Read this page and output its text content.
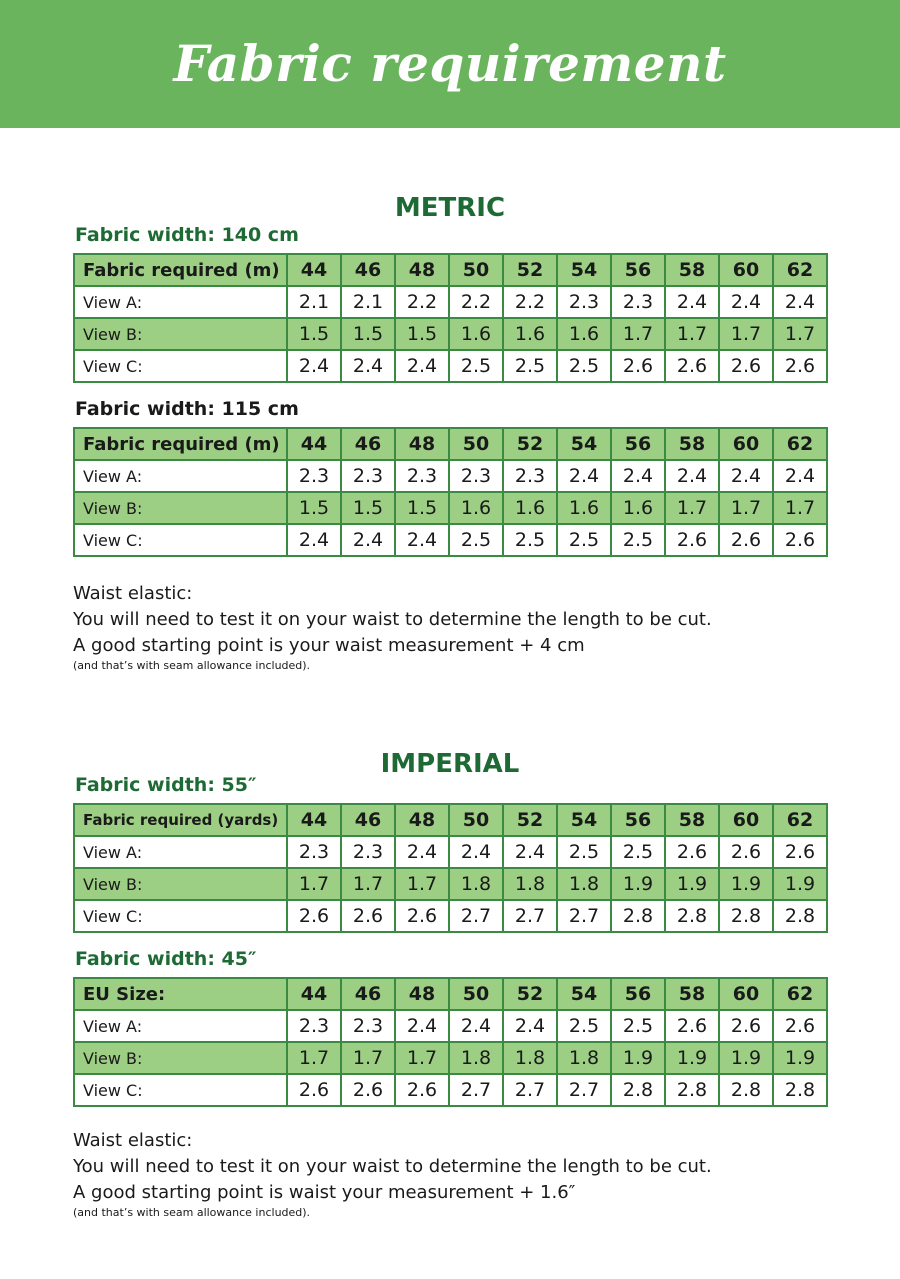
Fabric requirement
METRIC
Fabric width: 140 cm
Fabric required (m)	44	46	48	50	52	54	56	58	60	62
View A:	2.1	2.1	2.2	2.2	2.2	2.3	2.3	2.4	2.4	2.4
View B:	1.5	1.5	1.5	1.6	1.6	1.6	1.7	1.7	1.7	1.7
View C:	2.4	2.4	2.4	2.5	2.5	2.5	2.6	2.6	2.6	2.6
Fabric width: 115 cm
Fabric required (m)	44	46	48	50	52	54	56	58	60	62
View A:	2.3	2.3	2.3	2.3	2.3	2.4	2.4	2.4	2.4	2.4
View B:	1.5	1.5	1.5	1.6	1.6	1.6	1.6	1.7	1.7	1.7
View C:	2.4	2.4	2.4	2.5	2.5	2.5	2.5	2.6	2.6	2.6
Waist elastic:
You will need to test it on your waist to determine the length to be cut.
A good starting point is your waist measurement + 4 cm
(and that’s with seam allowance included).
IMPERIAL
Fabric width: 55″
Fabric required (yards)	44	46	48	50	52	54	56	58	60	62
View A:	2.3	2.3	2.4	2.4	2.4	2.5	2.5	2.6	2.6	2.6
View B:	1.7	1.7	1.7	1.8	1.8	1.8	1.9	1.9	1.9	1.9
View C:	2.6	2.6	2.6	2.7	2.7	2.7	2.8	2.8	2.8	2.8
Fabric width: 45″
EU Size:	44	46	48	50	52	54	56	58	60	62
View A:	2.3	2.3	2.4	2.4	2.4	2.5	2.5	2.6	2.6	2.6
View B:	1.7	1.7	1.7	1.8	1.8	1.8	1.9	1.9	1.9	1.9
View C:	2.6	2.6	2.6	2.7	2.7	2.7	2.8	2.8	2.8	2.8
Waist elastic:
You will need to test it on your waist to determine the length to be cut.
A good starting point is waist your measurement + 1.6″
(and that’s with seam allowance included).
